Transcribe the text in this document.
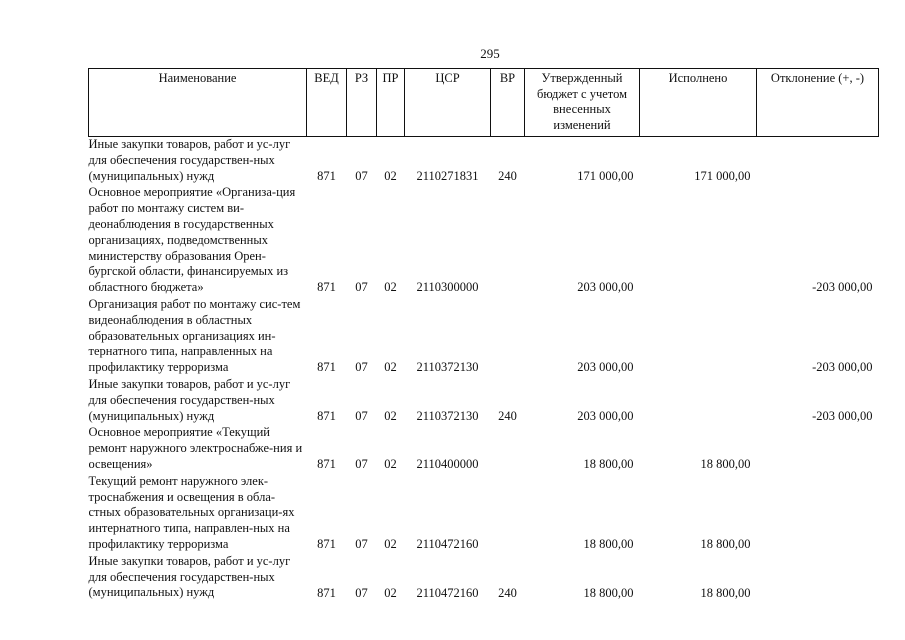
295
Наименование	ВЕД	РЗ	ПР	ЦСР	ВР	Утвержденный бюджет с учетом внесенных изменений	Исполнено	Отклонение (+, -)
Иные закупки товаров, работ и ус-луг для обеспечения государствен-ных (муниципальных) нужд	871	07	02	2110271831	240	171 000,00	171 000,00	
Основное мероприятие «Организа-ция работ по монтажу систем ви-деонаблюдения в государственных организациях, подведомственных министерству образования Орен-бургской области, финансируемых из областного бюджета»	871	07	02	2110300000		203 000,00		-203 000,00
Организация работ по монтажу сис-тем видеонаблюдения в областных образовательных организациях ин-тернатного типа, направленных на профилактику терроризма	871	07	02	2110372130		203 000,00		-203 000,00
Иные закупки товаров, работ и ус-луг для обеспечения государствен-ных (муниципальных) нужд	871	07	02	2110372130	240	203 000,00		-203 000,00
Основное мероприятие «Текущий ремонт наружного электроснабже-ния и освещения»	871	07	02	2110400000		18 800,00	18 800,00	
Текущий ремонт наружного элек-троснабжения и освещения в обла-стных образовательных организаци-ях интернатного типа, направлен-ных на профилактику терроризма	871	07	02	2110472160		18 800,00	18 800,00	
Иные закупки товаров, работ и ус-луг для обеспечения государствен-ных (муниципальных) нужд	871	07	02	2110472160	240	18 800,00	18 800,00	
